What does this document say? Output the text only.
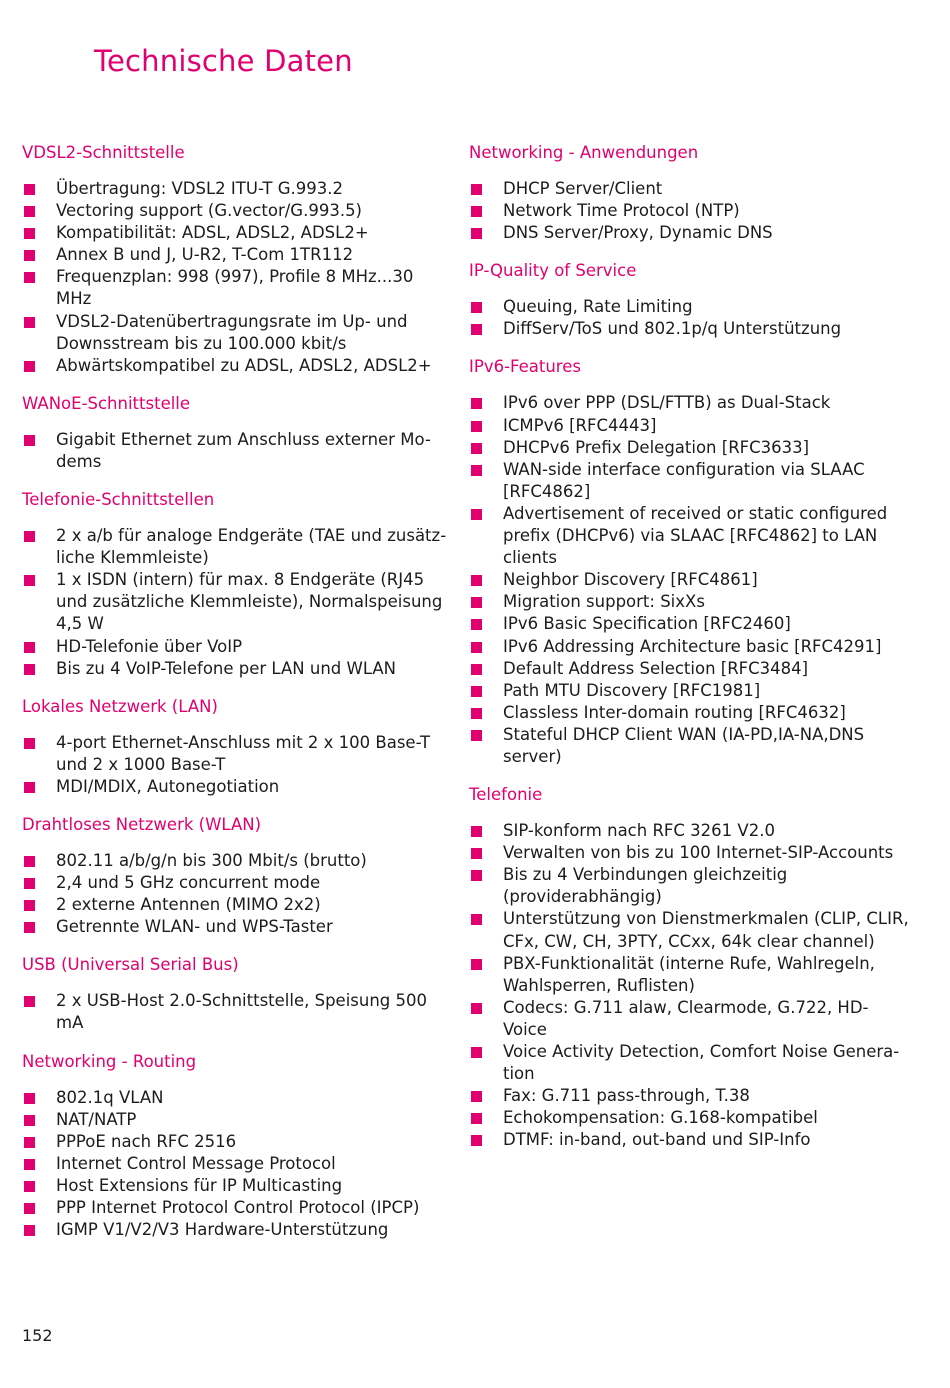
Technische Daten
VDSL2-Schnittstelle
Übertragung: VDSL2 ITU-T G.993.2
Vectoring support (G.vector/G.993.5)
Kompatibilität: ADSL, ADSL2, ADSL2+
Annex B und J, U-R2, T-Com 1TR112
Frequenzplan: 998 (997), Profile 8 MHz...30 MHz
VDSL2-Datenübertragungsrate im Up- und Downsstream bis zu 100.000 kbit/s
Abwärtskompatibel zu ADSL, ADSL2, ADSL2+
WANoE-Schnittstelle
Gigabit Ethernet zum Anschluss externer Mo-dems
Telefonie-Schnittstellen
2 x a/b für analoge Endgeräte (TAE und zusätz-liche Klemmleiste)
1 x ISDN (intern) für max. 8 Endgeräte (RJ45 und zusätzliche Klemmleiste), Normalspeisung 4,5 W
HD-Telefonie über VoIP
Bis zu 4 VoIP-Telefone per LAN und WLAN
Lokales Netzwerk (LAN)
4-port Ethernet-Anschluss mit 2 x 100 Base-T und 2 x 1000 Base-T
MDI/MDIX, Autonegotiation
Drahtloses Netzwerk (WLAN)
802.11 a/b/g/n bis 300 Mbit/s (brutto)
2,4 und 5 GHz concurrent mode
2 externe Antennen (MIMO 2x2)
Getrennte WLAN- und WPS-Taster
USB (Universal Serial Bus)
2 x USB-Host 2.0-Schnittstelle, Speisung 500 mA
Networking - Routing
802.1q VLAN
NAT/NATP
PPPoE nach RFC 2516
Internet Control Message Protocol
Host Extensions für IP Multicasting
PPP Internet Protocol Control Protocol (IPCP)
IGMP V1/V2/V3 Hardware-Unterstützung
Networking - Anwendungen
DHCP Server/Client
Network Time Protocol (NTP)
DNS Server/Proxy, Dynamic DNS
IP-Quality of Service
Queuing, Rate Limiting
DiffServ/ToS und 802.1p/q Unterstützung
IPv6-Features
IPv6 over PPP (DSL/FTTB) as Dual-Stack
ICMPv6 [RFC4443]
DHCPv6 Prefix Delegation [RFC3633]
WAN-side interface configuration via SLAAC [RFC4862]
Advertisement of received or static configured prefix (DHCPv6) via SLAAC [RFC4862] to LAN clients
Neighbor Discovery [RFC4861]
Migration support: SixXs
IPv6 Basic Specification [RFC2460]
IPv6 Addressing Architecture basic [RFC4291]
Default Address Selection [RFC3484]
Path MTU Discovery [RFC1981]
Classless Inter-domain routing [RFC4632]
Stateful DHCP Client WAN (IA-PD,IA-NA,DNS server)
Telefonie
SIP-konform nach RFC 3261 V2.0
Verwalten von bis zu 100 Internet-SIP-Accounts
Bis zu 4 Verbindungen gleichzeitig (providerabhängig)
Unterstützung von Dienstmerkmalen (CLIP, CLIR, CFx, CW, CH, 3PTY, CCxx, 64k clear channel)
PBX-Funktionalität (interne Rufe, Wahlregeln, Wahlsperren, Ruflisten)
Codecs: G.711 alaw, Clearmode, G.722, HD-Voice
Voice Activity Detection, Comfort Noise Genera-tion
Fax: G.711 pass-through, T.38
Echokompensation: G.168-kompatibel
DTMF: in-band, out-band und SIP-Info

152
